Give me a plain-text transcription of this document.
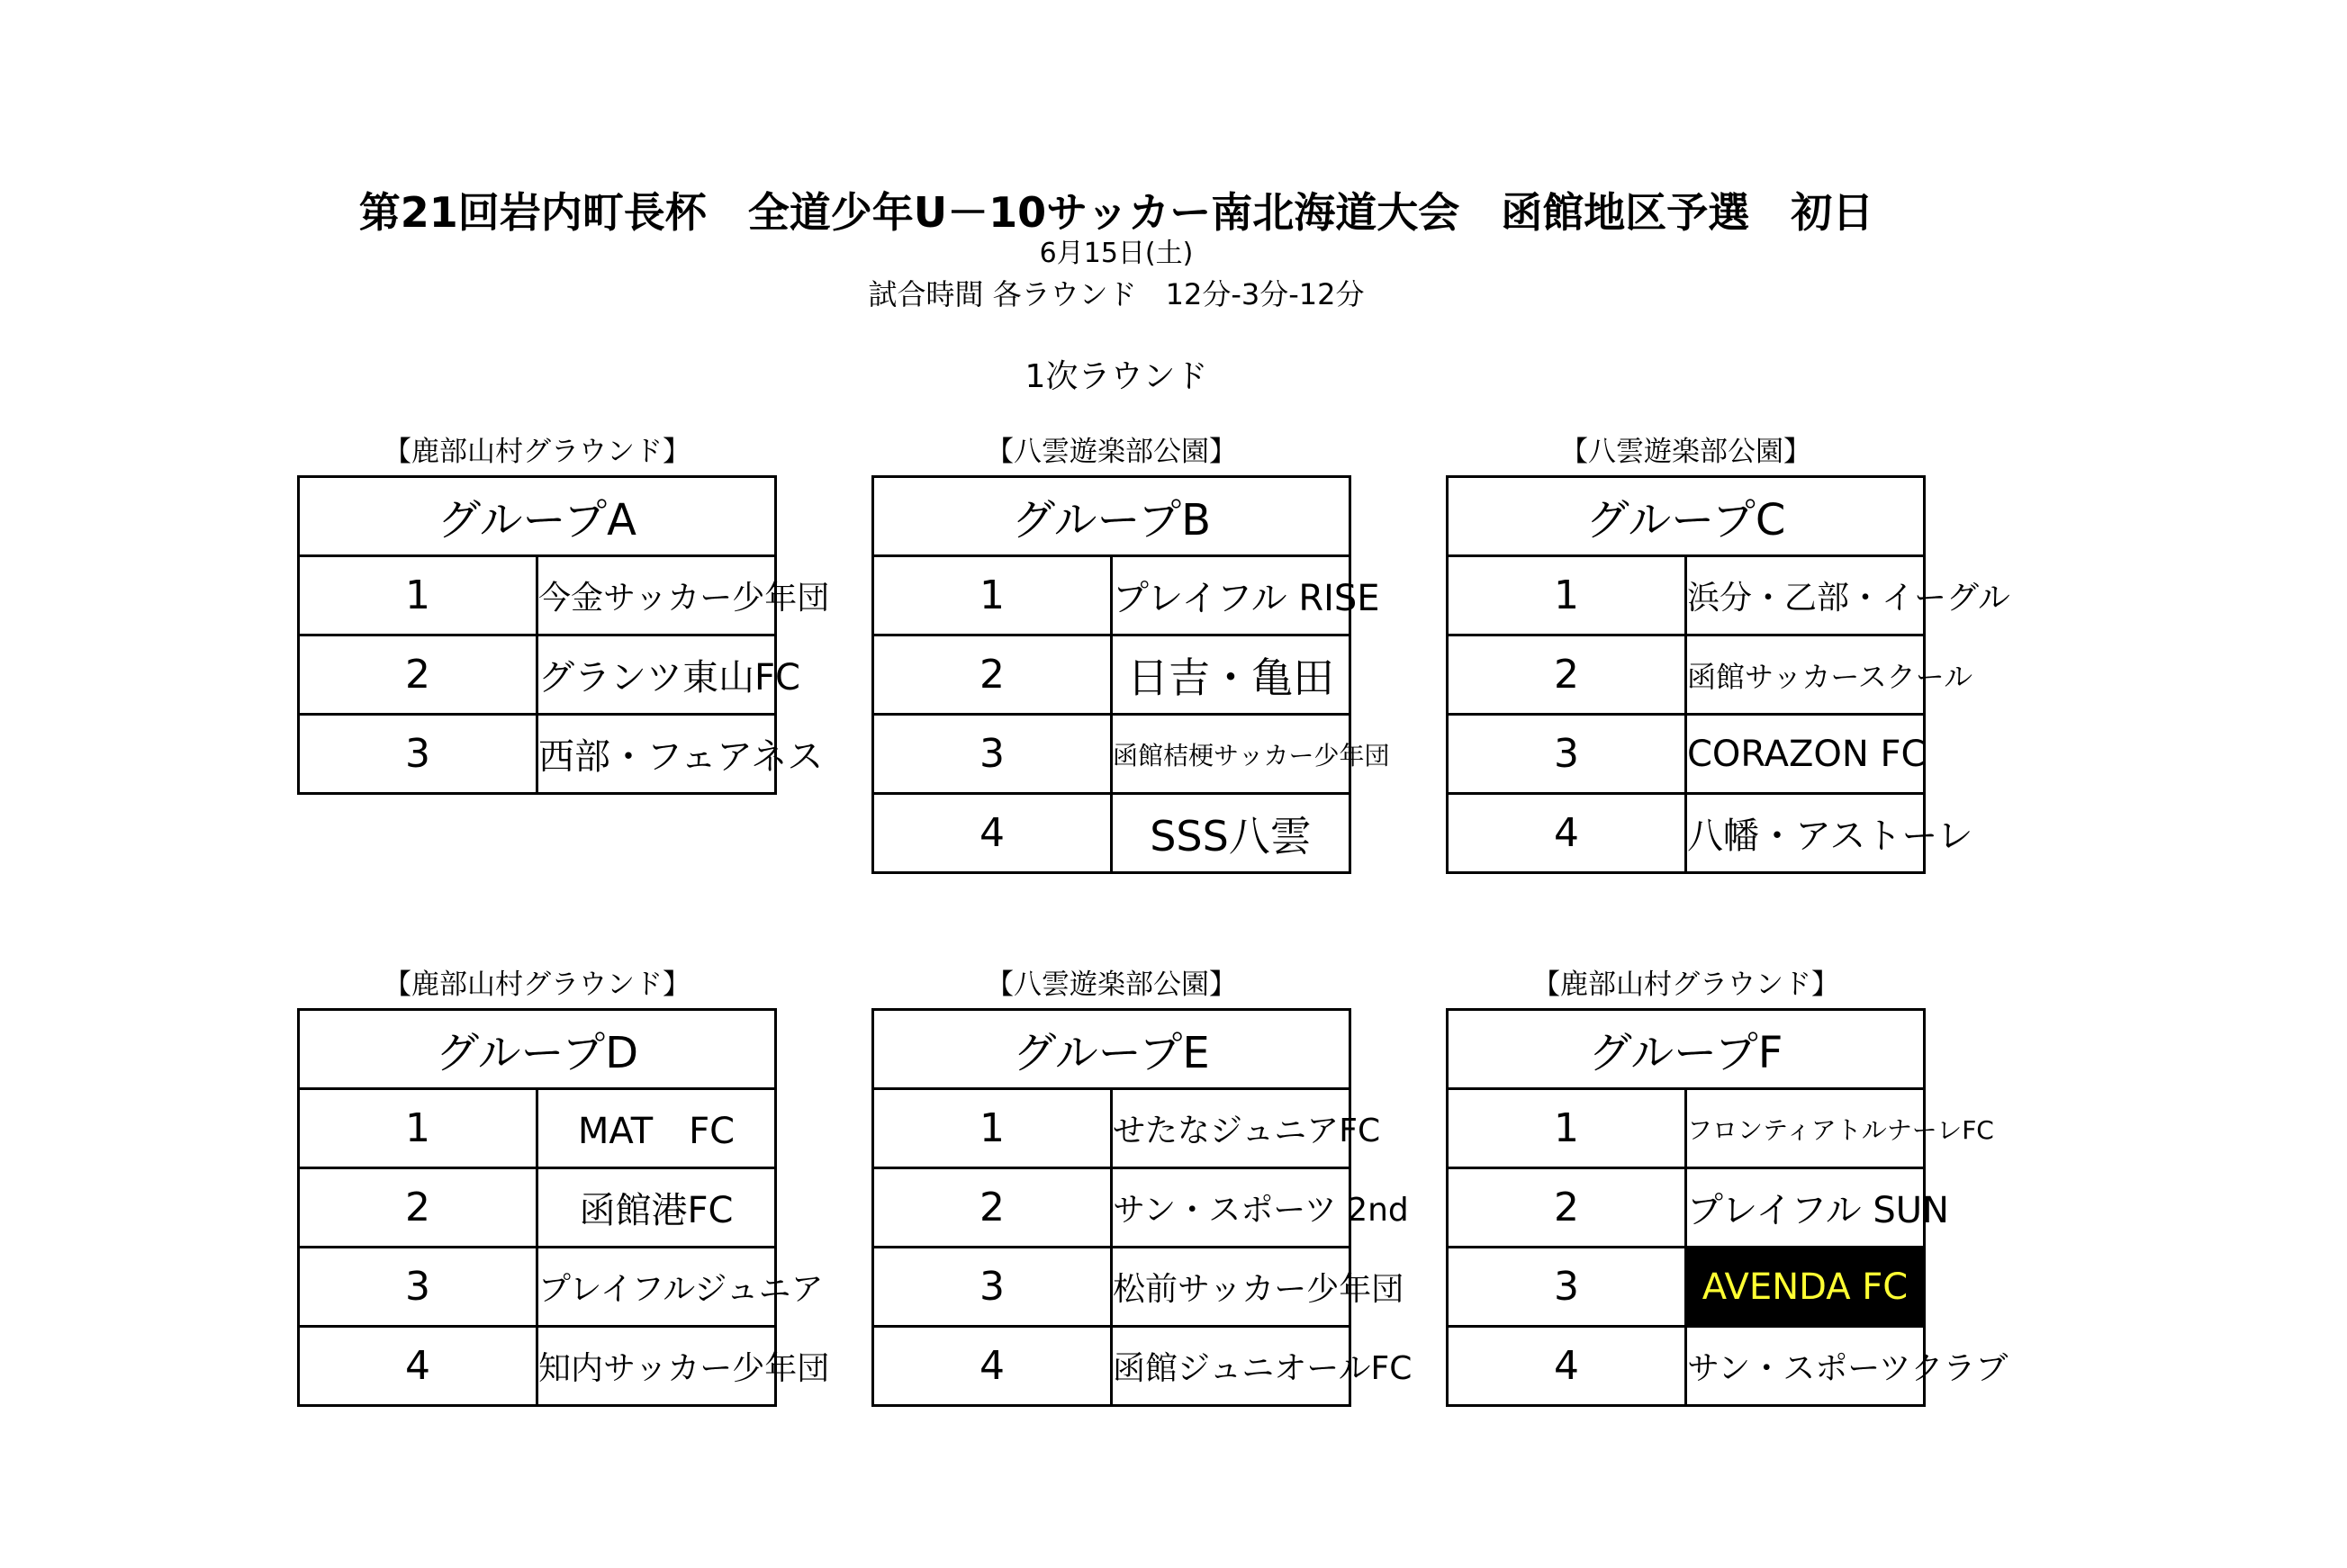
第21回岩内町長杯　全道少年U－10サッカー南北海道大会　函館地区予選　初日
6月15日(土)
試合時間 各ラウンド　12分-3分-12分
1次ラウンド
【鹿部山村グラウンド】
グループA	
1	今金サッカー少年団
2	グランツ東山FC
3	西部・フェアネス
【八雲遊楽部公園】
グループB	
1	プレイフル RISE
2	日吉・亀田
3	函館桔梗サッカー少年団
4	SSS八雲
【八雲遊楽部公園】
グループC	
1	浜分・乙部・イーグル
2	函館サッカースクール
3	CORAZON FC
4	八幡・アストーレ
【鹿部山村グラウンド】
グループD	
1	MAT　FC
2	函館港FC
3	プレイフルジュニア
4	知内サッカー少年団
【八雲遊楽部公園】
グループE	
1	せたなジュニアFC
2	サン・スポーツ 2nd
3	松前サッカー少年団
4	函館ジュニオールFC
【鹿部山村グラウンド】
グループF	
1	フロンティアトルナーレFC
2	プレイフル SUN
3	AVENDA FC
4	サン・スポーツクラブ
